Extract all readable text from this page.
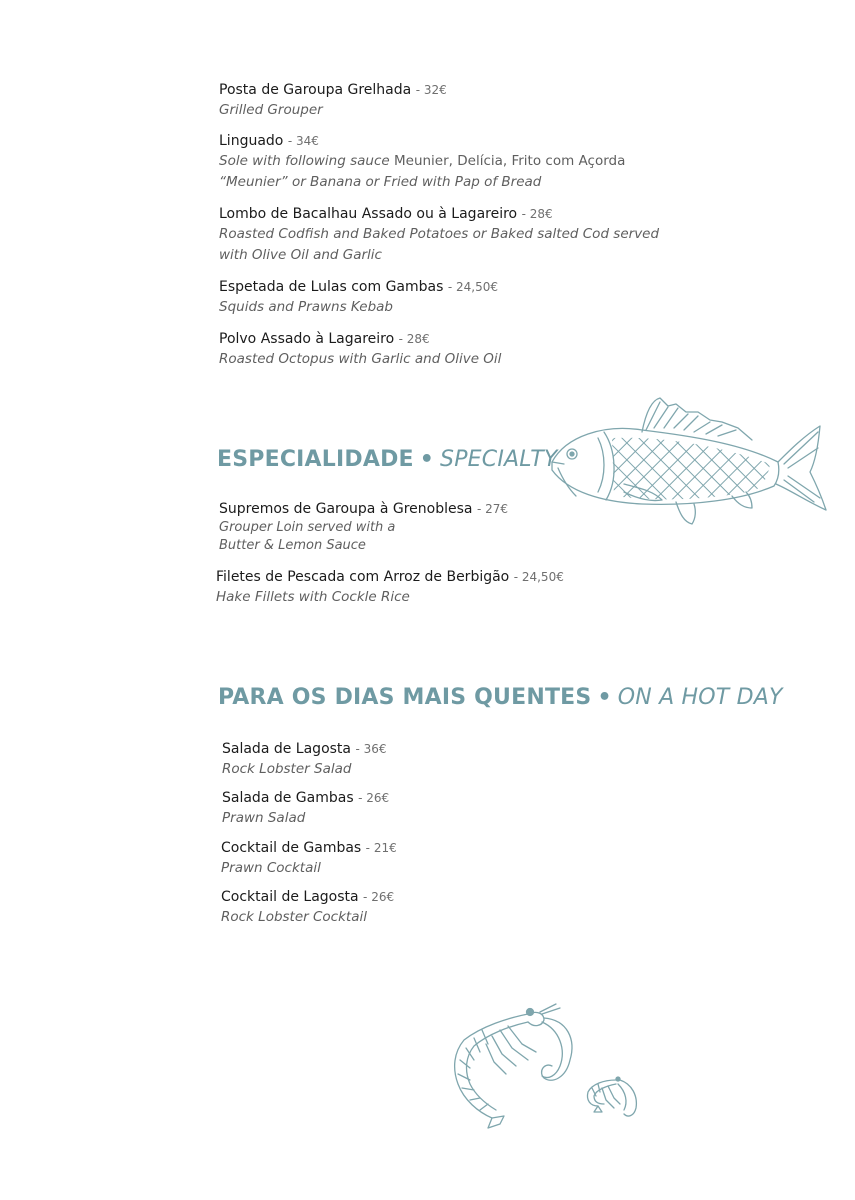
Posta de Garoupa Grelhada - 32€
Grilled Grouper
Linguado - 34€
Sole with following sauce Meunier, Delícia, Frito com Açorda
“Meunier” or Banana or Fried with Pap of Bread
Lombo de Bacalhau Assado ou à Lagareiro - 28€
Roasted Codfish and Baked Potatoes or Baked salted Cod served
with Olive Oil and Garlic
Espetada de Lulas com Gambas - 24,50€
Squids and Prawns Kebab
Polvo Assado à Lagareiro - 28€
Roasted Octopus with Garlic and Olive Oil
ESPECIALIDADE • SPECIALTY
Supremos de Garoupa à Grenoblesa - 27€
Grouper Loin served with a
Butter & Lemon Sauce
Filetes de Pescada com Arroz de Berbigão - 24,50€
Hake Fillets with Cockle Rice
PARA OS DIAS MAIS QUENTES • ON A HOT DAY
Salada de Lagosta - 36€
Rock Lobster Salad
Salada de Gambas - 26€
Prawn Salad
Cocktail de Gambas - 21€
Prawn Cocktail
Cocktail de Lagosta - 26€
Rock Lobster Cocktail
